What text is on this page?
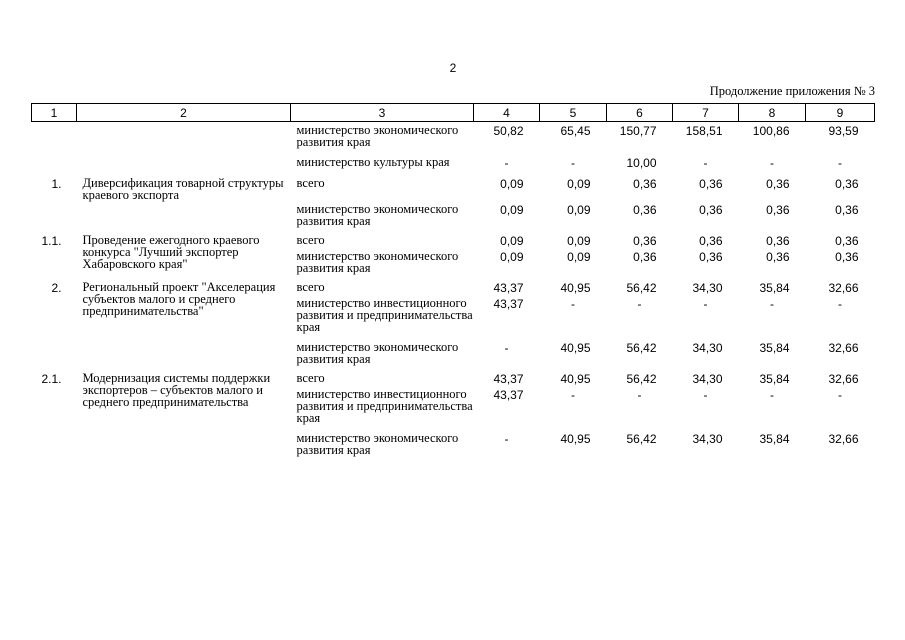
2
Продолжение приложения № 3
1	2	3	4	5	6	7	8	9
		министерство экономического развития края	50,82	65,45	150,77	158,51	100,86	93,59
		министерство культуры края	-	-	10,00	-	-	-
1.	Диверсификация товарной структуры краевого экспорта	всего	0,09	0,09	0,36	0,36	0,36	0,36
		министерство экономического развития края	0,09	0,09	0,36	0,36	0,36	0,36
1.1.	Проведение ежегодного краевого конкурса "Лучший экспортер Хабаровского края"	всего	0,09	0,09	0,36	0,36	0,36	0,36
		министерство экономического развития края	0,09	0,09	0,36	0,36	0,36	0,36
2.	Региональный проект "Акселерация субъектов малого и среднего предпринимательства"	всего	43,37	40,95	56,42	34,30	35,84	32,66
		министерство инвестиционного развития и предпринимательства края	43,37	-	-	-	-	-
		министерство экономического развития края	-	40,95	56,42	34,30	35,84	32,66
2.1.	Модернизация системы поддержки экспортеров – субъектов малого и среднего предпринимательства	всего	43,37	40,95	56,42	34,30	35,84	32,66
		министерство инвестиционного развития и предпринимательства края	43,37	-	-	-	-	-
		министерство экономического развития края	-	40,95	56,42	34,30	35,84	32,66
